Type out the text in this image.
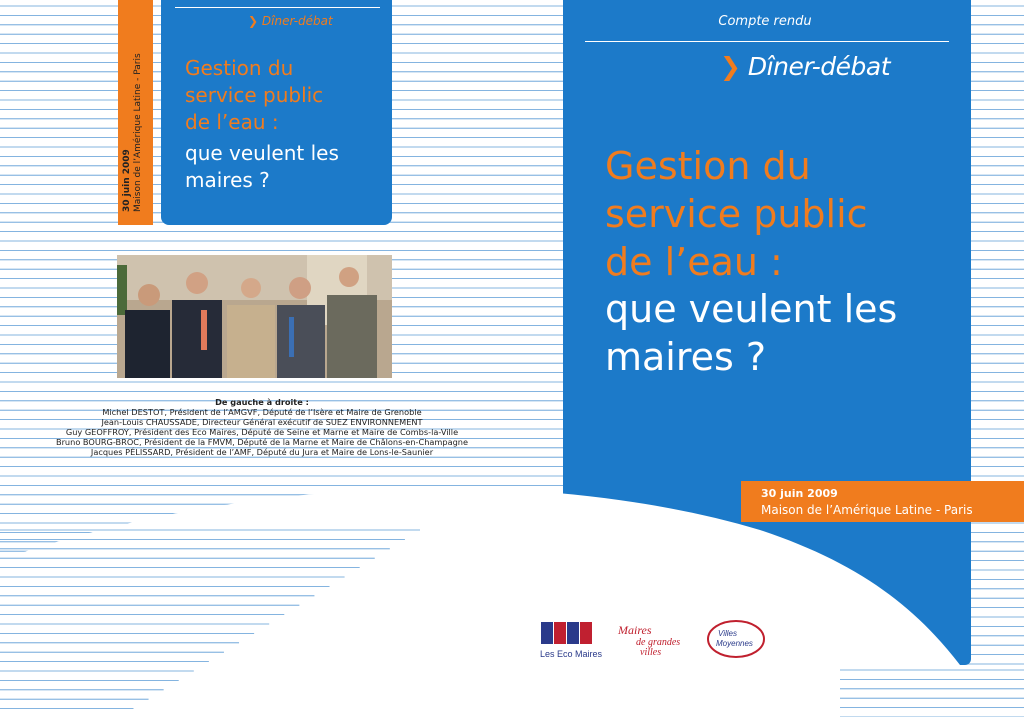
Compte rendu
❯ Dîner-débat
Gestion du
service public
de l’eau :
que veulent les
maires ?
30 juin 2009
Maison de l’Amérique Latine - Paris
Les Eco Maires
Maires
de grandes
villes
Villes
Moyennes
30 juin 2009 Maison de l’Amérique Latine - Paris
❯ Dîner-débat
Gestion du
service public
de l’eau :
que veulent les
maires ?
De gauche à droite :
Michel DESTOT, Président de l’AMGVF, Député de l’Isère et Maire de Grenoble
Jean-Louis CHAUSSADE, Directeur Général exécutif de SUEZ ENVIRONNEMENT
Guy GEOFFROY, Président des Eco Maires, Député de Seine et Marne et Maire de Combs-la-Ville
Bruno BOURG-BROC, Président de la FMVM, Député de la Marne et Maire de Châlons-en-Champagne
Jacques PÉLISSARD, Président de l’AMF, Député du Jura et Maire de Lons-le-Saunier
